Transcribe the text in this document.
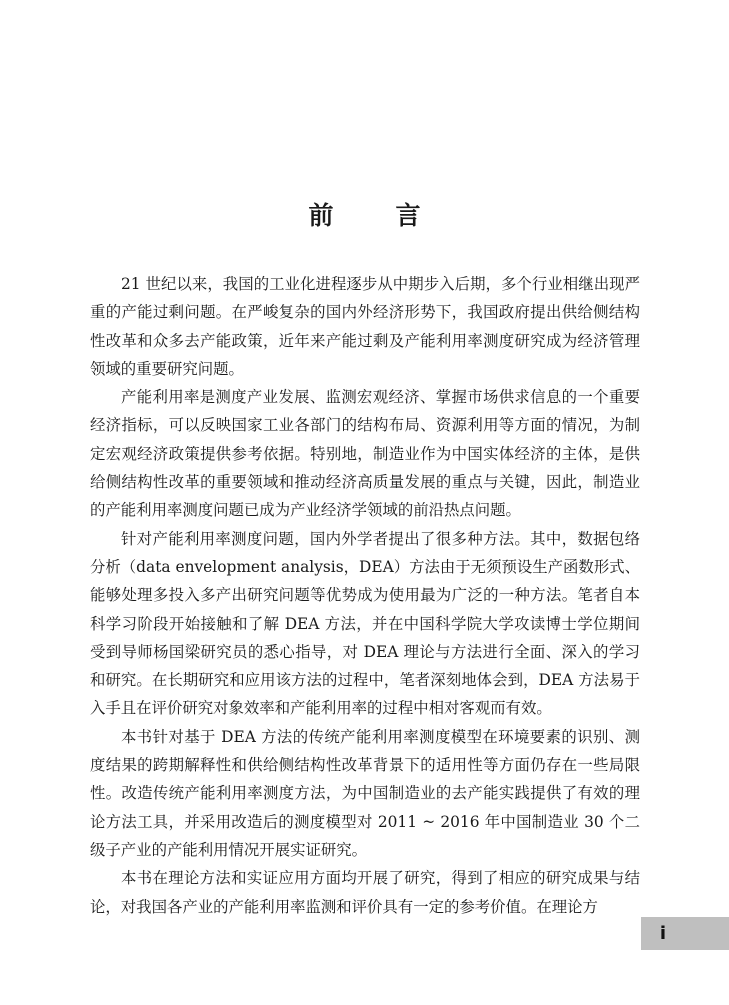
前 言

21 世纪以来，我国的工业化进程逐步从中期步入后期，多个行业相继出现严重的产能过剩问题。在严峻复杂的国内外经济形势下，我国政府提出供给侧结构性改革和众多去产能政策，近年来产能过剩及产能利用率测度研究成为经济管理领域的重要研究问题。

产能利用率是测度产业发展、监测宏观经济、掌握市场供求信息的一个重要经济指标，可以反映国家工业各部门的结构布局、资源利用等方面的情况，为制定宏观经济政策提供参考依据。特别地，制造业作为中国实体经济的主体，是供给侧结构性改革的重要领域和推动经济高质量发展的重点与关键，因此，制造业的产能利用率测度问题已成为产业经济学领域的前沿热点问题。

针对产能利用率测度问题，国内外学者提出了很多种方法。其中，数据包络分析（data envelopment analysis，DEA）方法由于无须预设生产函数形式、能够处理多投入多产出研究问题等优势成为使用最为广泛的一种方法。笔者自本科学习阶段开始接触和了解 DEA 方法，并在中国科学院大学攻读博士学位期间受到导师杨国梁研究员的悉心指导，对 DEA 理论与方法进行全面、深入的学习和研究。在长期研究和应用该方法的过程中，笔者深刻地体会到，DEA 方法易于入手且在评价研究对象效率和产能利用率的过程中相对客观而有效。

本书针对基于 DEA 方法的传统产能利用率测度模型在环境要素的识别、测度结果的跨期解释性和供给侧结构性改革背景下的适用性等方面仍存在一些局限性。改造传统产能利用率测度方法，为中国制造业的去产能实践提供了有效的理论方法工具，并采用改造后的测度模型对 2011 ~ 2016 年中国制造业 30 个二级子产业的产能利用情况开展实证研究。

本书在理论方法和实证应用方面均开展了研究，得到了相应的研究成果与结论，对我国各产业的产能利用率监测和评价具有一定的参考价值。在理论方

i
